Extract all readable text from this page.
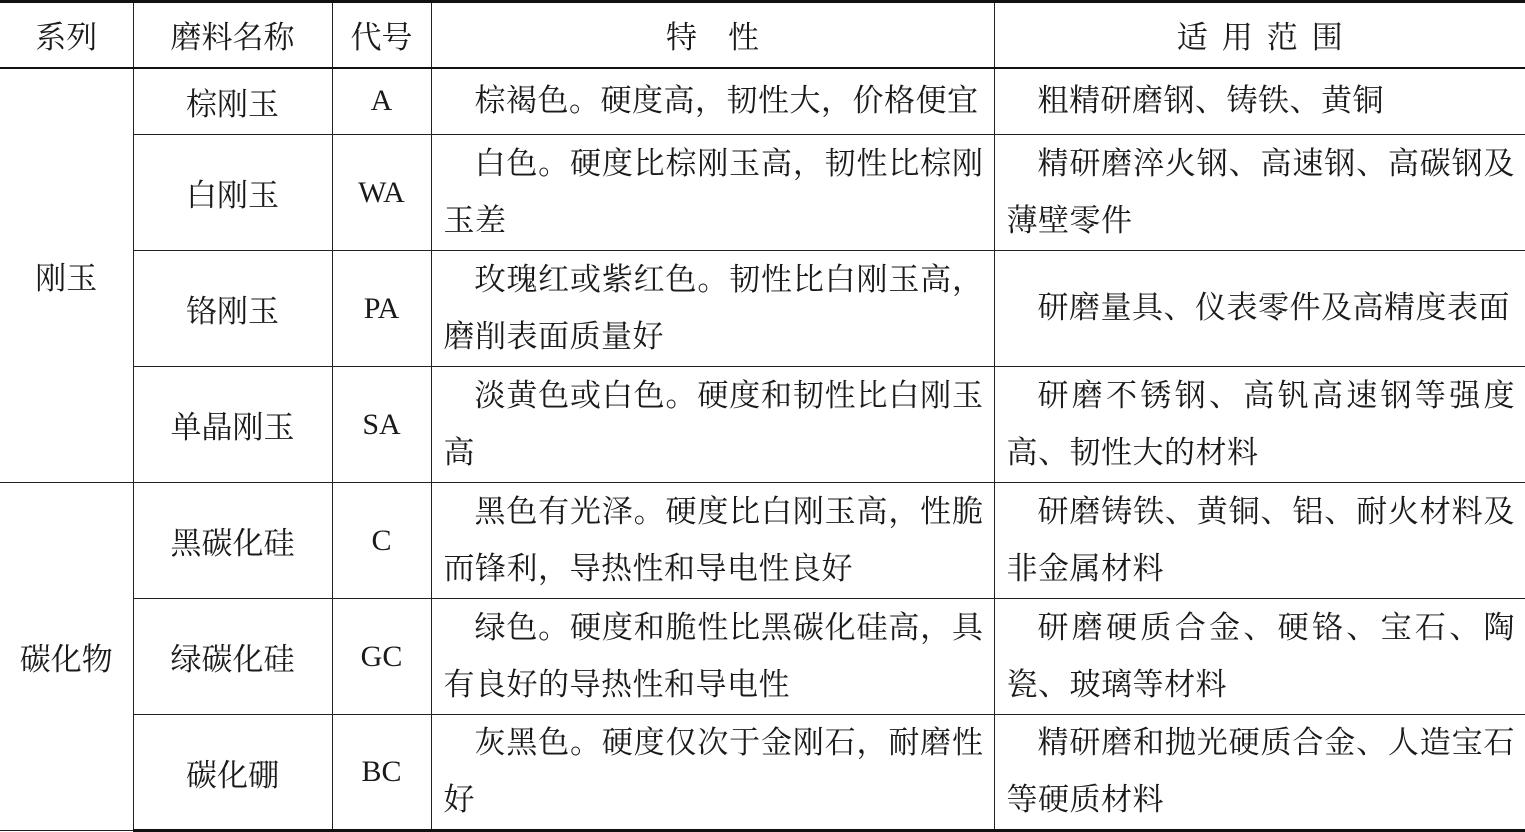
系列	磨料名称	代号	特　性	适用范围
刚玉	棕刚玉	A	棕褐色。硬度高，韧性大，价格便宜	粗精研磨钢、铸铁、黄铜
	白刚玉	WA	白色。硬度比棕刚玉高，韧性比棕刚玉差	精研磨淬火钢、高速钢、高碳钢及薄壁零件
	铬刚玉	PA	玫瑰红或紫红色。韧性比白刚玉高，磨削表面质量好	研磨量具、仪表零件及高精度表面
	单晶刚玉	SA	淡黄色或白色。硬度和韧性比白刚玉高	研磨不锈钢、高钒高速钢等强度高、韧性大的材料
碳化物	黑碳化硅	C	黑色有光泽。硬度比白刚玉高，性脆而锋利，导热性和导电性良好	研磨铸铁、黄铜、铝、耐火材料及非金属材料
	绿碳化硅	GC	绿色。硬度和脆性比黑碳化硅高，具有良好的导热性和导电性	研磨硬质合金、硬铬、宝石、陶瓷、玻璃等材料
	碳化硼	BC	灰黑色。硬度仅次于金刚石，耐磨性好	精研磨和抛光硬质合金、人造宝石等硬质材料
